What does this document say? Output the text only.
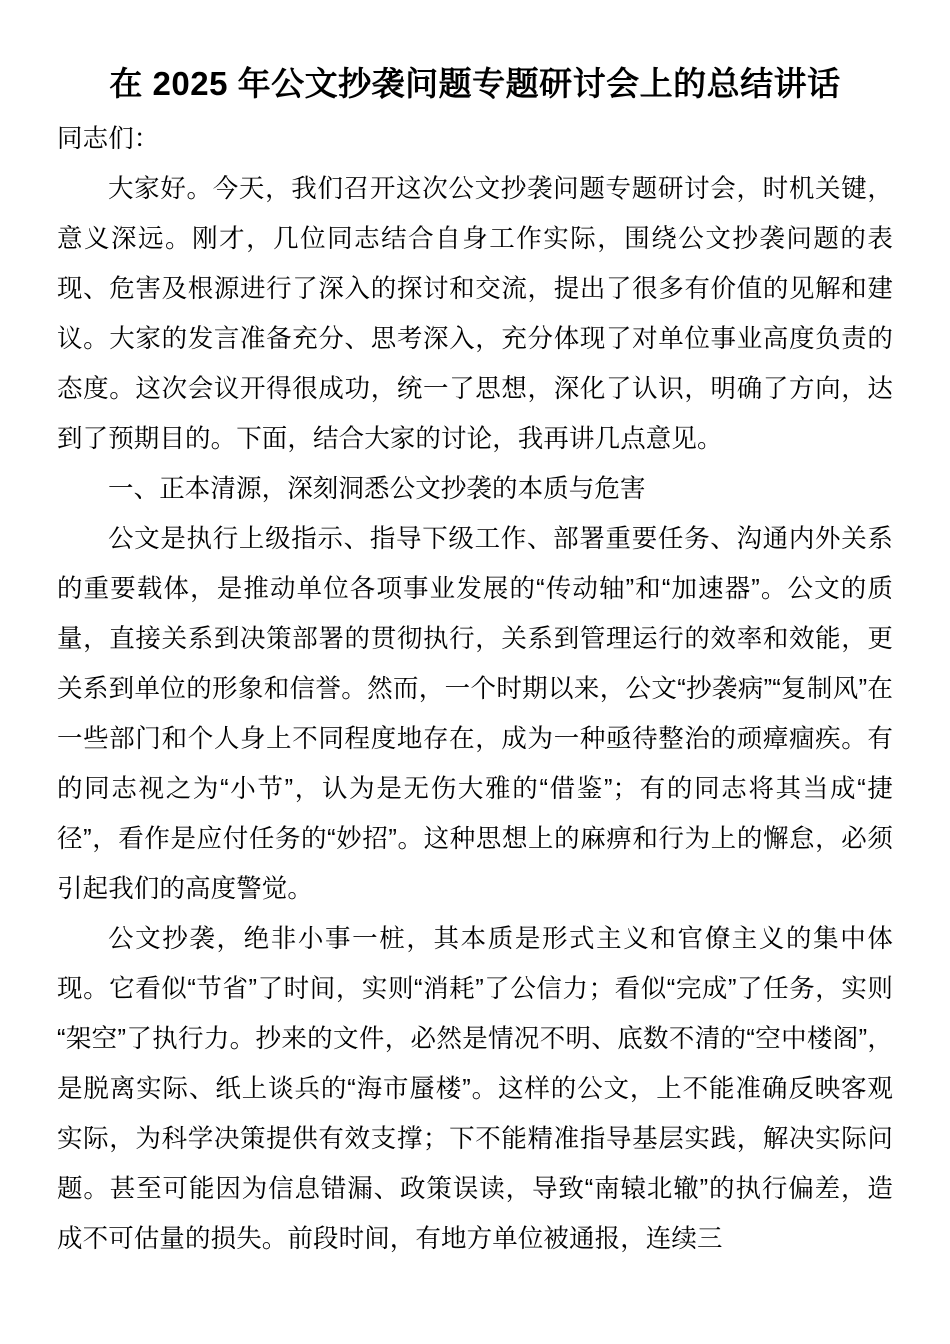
在 2025 年公文抄袭问题专题研讨会上的总结讲话

同志们：

大家好。今天，我们召开这次公文抄袭问题专题研讨会，时机关键，意义深远。刚才，几位同志结合自身工作实际，围绕公文抄袭问题的表现、危害及根源进行了深入的探讨和交流，提出了很多有价值的见解和建议。大家的发言准备充分、思考深入，充分体现了对单位事业高度负责的态度。这次会议开得很成功，统一了思想，深化了认识，明确了方向，达到了预期目的。下面，结合大家的讨论，我再讲几点意见。

一、正本清源，深刻洞悉公文抄袭的本质与危害

公文是执行上级指示、指导下级工作、部署重要任务、沟通内外关系的重要载体，是推动单位各项事业发展的“传动轴”和“加速器”。公文的质量，直接关系到决策部署的贯彻执行，关系到管理运行的效率和效能，更关系到单位的形象和信誉。然而，一个时期以来，公文“抄袭病”“复制风”在一些部门和个人身上不同程度地存在，成为一种亟待整治的顽瘴痼疾。有的同志视之为“小节”，认为是无伤大雅的“借鉴”；有的同志将其当成“捷径”，看作是应付任务的“妙招”。这种思想上的麻痹和行为上的懈怠，必须引起我们的高度警觉。

公文抄袭，绝非小事一桩，其本质是形式主义和官僚主义的集中体现。它看似“节省”了时间，实则“消耗”了公信力；看似“完成”了任务，实则“架空”了执行力。抄来的文件，必然是情况不明、底数不清的“空中楼阁”，是脱离实际、纸上谈兵的“海市蜃楼”。这样的公文，上不能准确反映客观实际，为科学决策提供有效支撑；下不能精准指导基层实践，解决实际问题。甚至可能因为信息错漏、政策误读，导致“南辕北辙”的执行偏差，造成不可估量的损失。前段时间，有地方单位被通报，连续三
